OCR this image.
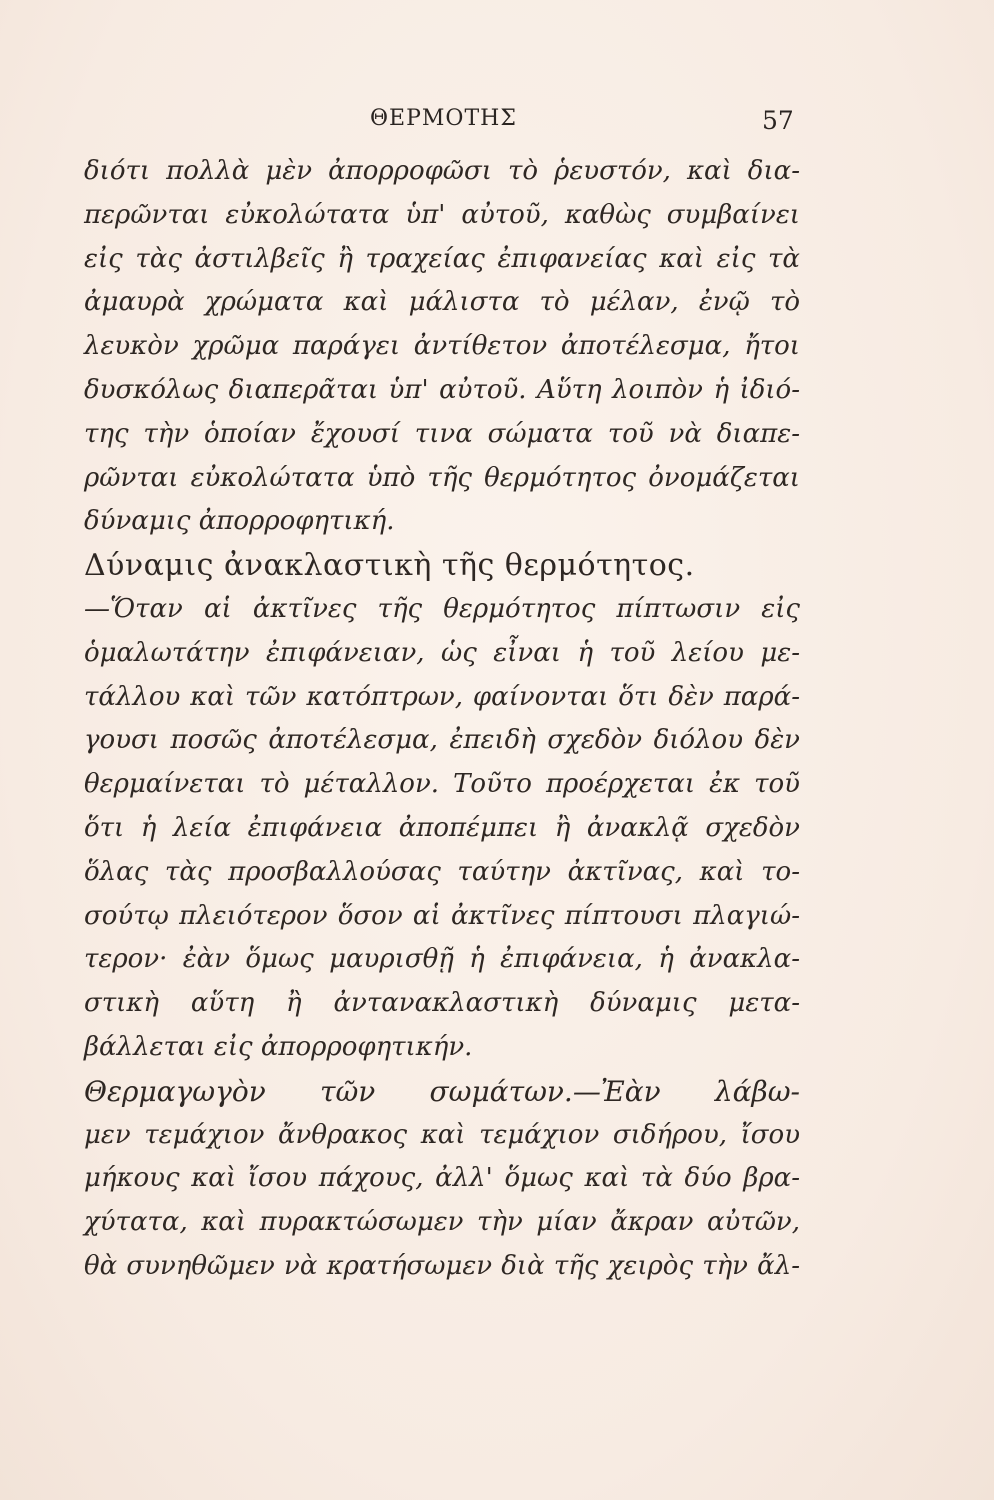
ΘΕΡΜΟΤΗΣ	57
διότι πολλὰ μὲν ἀπορροφῶσι τὸ ῥευστόν, καὶ δια-
περῶνται εὐκολώτατα ὑπ' αὐτοῦ, καθὼς συμβαίνει
εἰς τὰς ἀστιλβεῖς ἢ τραχείας ἐπιφανείας καὶ εἰς τὰ
ἀμαυρὰ χρώματα καὶ μάλιστα τὸ μέλαν, ἐνῷ τὸ
λευκὸν χρῶμα παράγει ἀντίθετον ἀποτέλεσμα, ἤτοι
δυσκόλως διαπερᾶται ὑπ' αὐτοῦ. Αὕτη λοιπὸν ἡ ἰδιό-
της τὴν ὁποίαν ἔχουσί τινα σώματα τοῦ νὰ διαπε-
ρῶνται εὐκολώτατα ὑπὸ τῆς θερμότητος ὀνομάζεται
δύναμις ἀπορροφητική.
Δύναμις ἀνακλαστικὴ τῆς θερμότητος.
—Ὅταν αἱ ἀκτῖνες τῆς θερμότητος πίπτωσιν εἰς
ὁμαλωτάτην ἐπιφάνειαν, ὡς εἶναι ἡ τοῦ λείου με-
τάλλου καὶ τῶν κατόπτρων, φαίνονται ὅτι δὲν παρά-
γουσι ποσῶς ἀποτέλεσμα, ἐπειδὴ σχεδὸν διόλου δὲν
θερμαίνεται τὸ μέταλλον. Τοῦτο προέρχεται ἐκ τοῦ
ὅτι ἡ λεία ἐπιφάνεια ἀποπέμπει ἢ ἀνακλᾷ σχεδὸν
ὅλας τὰς προσβαλλούσας ταύτην ἀκτῖνας, καὶ το-
σούτῳ πλειότερον ὅσον αἱ ἀκτῖνες πίπτουσι πλαγιώ-
τερον· ἐὰν ὅμως μαυρισθῇ ἡ ἐπιφάνεια, ἡ ἀνακλα-
στικὴ αὕτη ἢ ἀντανακλαστικὴ δύναμις μετα-
βάλλεται εἰς ἀπορροφητικήν.
Θερμαγωγὸν τῶν σωμάτων.—Ἐὰν λάβω-
μεν τεμάχιον ἄνθρακος καὶ τεμάχιον σιδήρου, ἴσου
μήκους καὶ ἴσου πάχους, ἀλλ' ὅμως καὶ τὰ δύο βρα-
χύτατα, καὶ πυρακτώσωμεν τὴν μίαν ἄκραν αὐτῶν,
θὰ συνηθῶμεν νὰ κρατήσωμεν διὰ τῆς χειρὸς τὴν ἄλ-
